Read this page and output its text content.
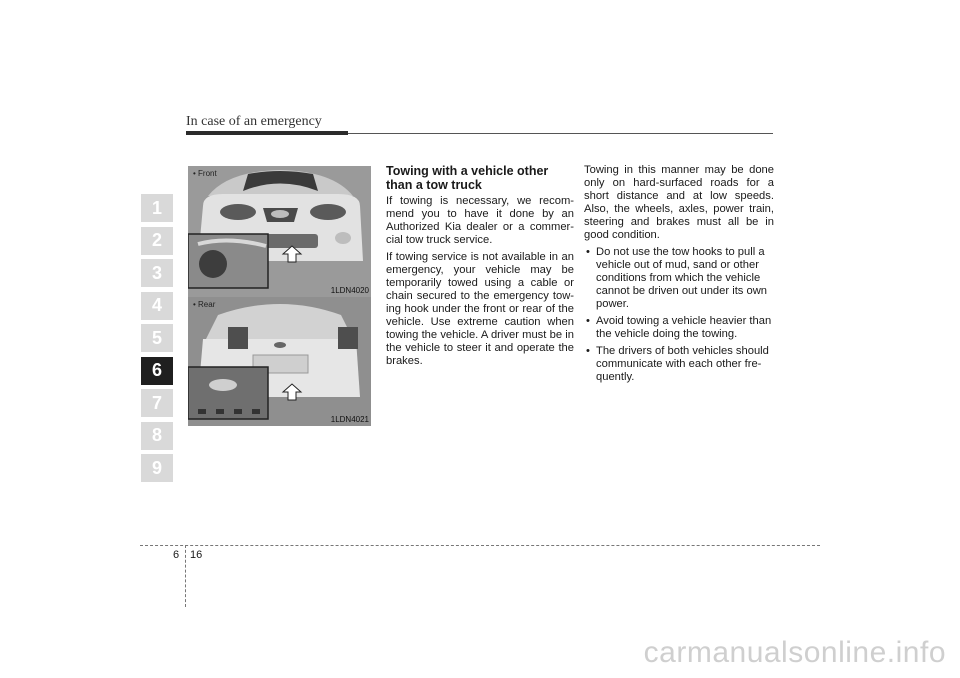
In case of an emergency
1
2
3
4
5
6
7
8
9
• Front
1LDN4020
• Rear
1LDN4021
Towing with a vehicle other than a tow truck

If towing is necessary, we recom-mend you to have it done by an Authorized Kia dealer or a commer-cial tow truck service.

If towing service is not available in an emergency, your vehicle may be temporarily towed using a cable or chain secured to the emergency tow-ing hook under the front or rear of the vehicle. Use extreme caution when towing the vehicle. A driver must be in the vehicle to steer it and operate the brakes.

Towing in this manner may be done only on hard-surfaced roads for a short distance and at low speeds. Also, the wheels, axles, power train, steering and brakes must all be in good condition.

• Do not use the tow hooks to pull a vehicle out of mud, sand or other conditions from which the vehicle cannot be driven out under its own power.
• Avoid towing a vehicle heavier than the vehicle doing the towing.
• The drivers of both vehicles should communicate with each other fre-quently.
6 16
carmanualsonline.info
